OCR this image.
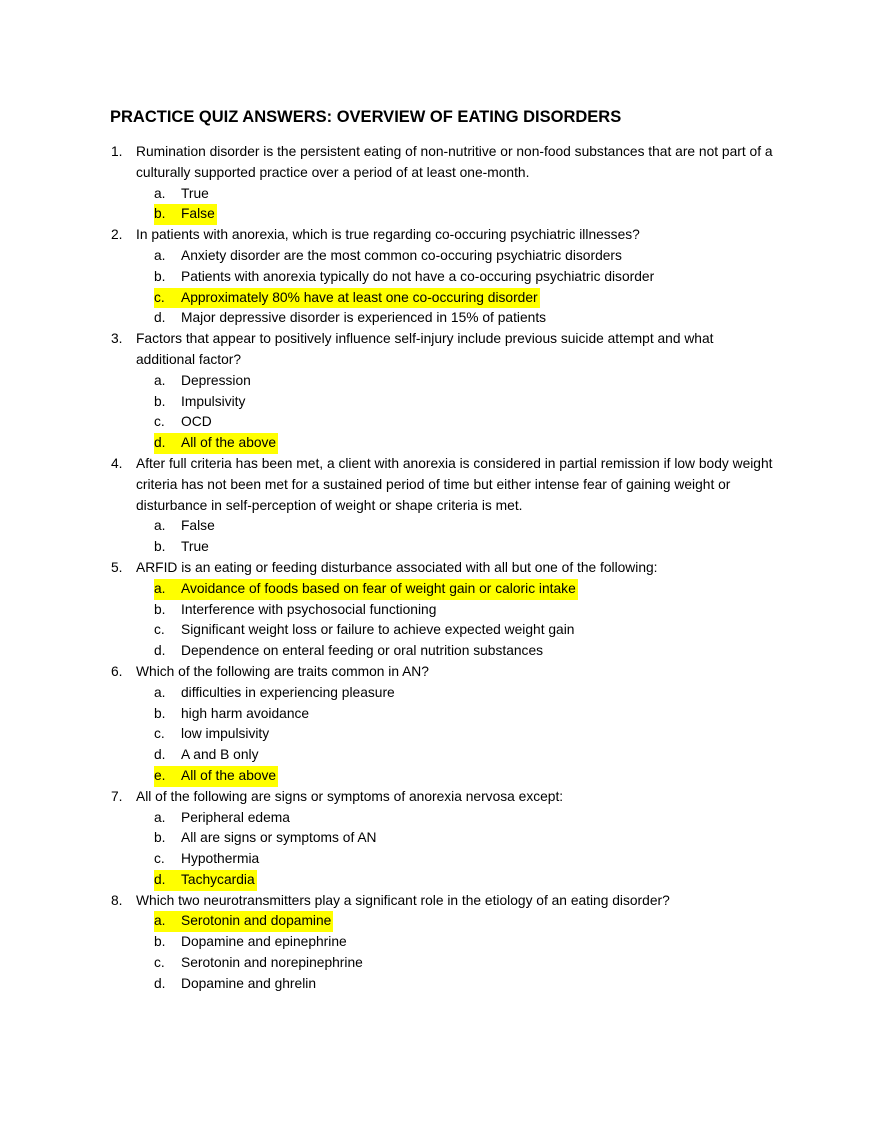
PRACTICE QUIZ ANSWERS: OVERVIEW OF EATING DISORDERS
1. Rumination disorder is the persistent eating of non-nutritive or non-food substances that are not part of a culturally supported practice over a period of at least one-month.
a.	True
b.	False
2. In patients with anorexia, which is true regarding co-occuring psychiatric illnesses?
a.	Anxiety disorder are the most common co-occuring psychiatric disorders
b.	Patients with anorexia typically do not have a co-occuring psychiatric disorder
c.	Approximately 80% have at least one co-occuring disorder
d.	Major depressive disorder is experienced in 15% of patients
3. Factors that appear to positively influence self-injury include previous suicide attempt and what additional factor?
a.	Depression
b.	Impulsivity
c.	OCD
d.	All of the above
4. After full criteria has been met, a client with anorexia is considered in partial remission if low body weight criteria has not been met for a sustained period of time but either intense fear of gaining weight or disturbance in self-perception of weight or shape criteria is met.
a.	False
b.	True
5. ARFID is an eating or feeding disturbance associated with all but one of the following:
a.	Avoidance of foods based on fear of weight gain or caloric intake
b.	Interference with psychosocial functioning
c.	Significant weight loss or failure to achieve expected weight gain
d.	Dependence on enteral feeding or oral nutrition substances
6. Which of the following are traits common in AN?
a.	difficulties in experiencing pleasure
b.	high harm avoidance
c.	low impulsivity
d.	A and B only
e.	All of the above
7. All of the following are signs or symptoms of anorexia nervosa except:
a.	Peripheral edema
b.	All are signs or symptoms of AN
c.	Hypothermia
d.	Tachycardia
8. Which two neurotransmitters play a significant role in the etiology of an eating disorder?
a.	Serotonin and dopamine
b.	Dopamine and epinephrine
c.	Serotonin and norepinephrine
d.	Dopamine and ghrelin
